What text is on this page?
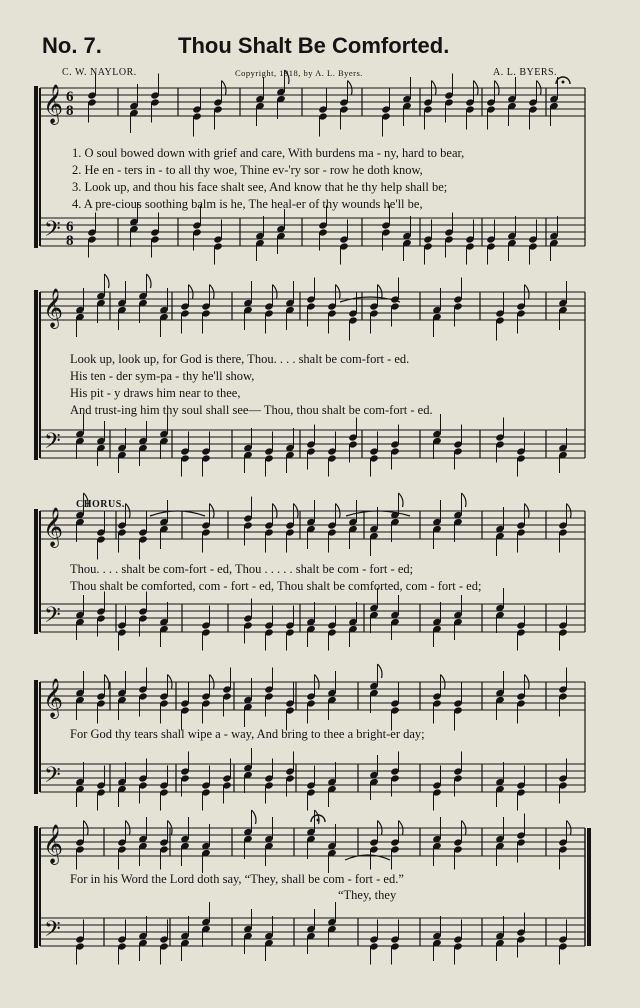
No. 7.	Thou Shalt Be Comforted.
C. W. NAYLOR.	Copyright, 1918, by A. L. Byers.	A. L. BYERS.
𝄞
𝄢
6
8
6
8
𝄞
𝄢
𝄞
𝄢
𝄞
𝄢
𝄞
𝄢
1. O soul bowed down with grief and care, With burdens ma - ny, hard to bear,
2. He en - ters in - to all thy woe, Thine ev-'ry sor - row he doth know,
3. Look up, and thou his face shalt see, And know that he thy help shall be;
4. A pre-cious soothing balm is he, The heal-er of thy wounds he'll be,
Look up, look up, for God is there, Thou. . . . shalt be com-fort - ed.
His ten - der sym-pa - thy he'll show,
His pit - y draws him near to thee,
And trust-ing him thy soul shall see— Thou, thou shalt be com-fort - ed.
CHORUS.
Thou. . . . shalt be com-fort - ed, Thou . . . . . shalt be com - fort - ed;
Thou shalt be comforted, com - fort - ed, Thou shalt be comforted, com - fort - ed;
For God thy tears shall wipe a - way, And bring to thee a bright-er day;
For in his Word the Lord doth say, “They, shall be com - fort - ed.”
“They, they
